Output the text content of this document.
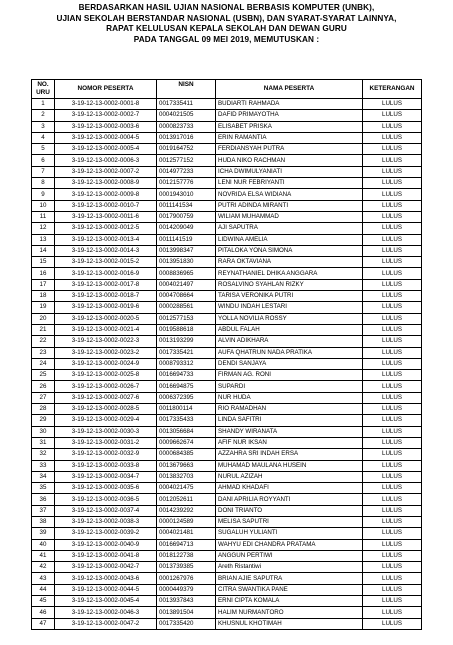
BERDASARKAN HASIL UJIAN NASIONAL BERBASIS KOMPUTER (UNBK),
UJIAN SEKOLAH BERSTANDAR NASIONAL (USBN), DAN SYARAT-SYARAT LAINNYA,
RAPAT KELULUSAN KEPALA SEKOLAH DAN DEWAN GURU
PADA TANGGAL 09 MEI 2019, MEMUTUSKAN :
NO. URU	NOMOR PESERTA	NISN	NAMA PESERTA	KETERANGAN
1	3-19-12-13-0002-0001-8	0017335411	BUDIARTI RAHMADA	LULUS
2	3-19-12-13-0002-0002-7	0004021505	DAFID PRIMAYOTHA	LULUS
3	3-19-12-13-0002-0003-6	0000823733	ELISABET PRISKA	LULUS
4	3-19-12-13-0002-0004-5	0013917016	ERIN RAMANTIA	LULUS
5	3-19-12-13-0002-0005-4	0019164752	FERDIANSYAH PUTRA	LULUS
6	3-19-12-13-0002-0006-3	0012577152	HUDA NIKO RACHMAN	LULUS
7	3-19-12-13-0002-0007-2	0014977233	ICHA DWIMULYANIATI	LULUS
8	3-19-12-13-0002-0008-9	0012157776	LENI NUR FEBRIYANTI	LULUS
9	3-19-12-13-0002-0009-8	0001943010	NOVRIDA ELSA WIDIANA	LULUS
10	3-19-12-13-0002-0010-7	0011141534	PUTRI ADINDA MIRANTI	LULUS
11	3-19-12-13-0002-0011-6	0017900759	WILIAM MUHAMMAD	LULUS
12	3-19-12-13-0002-0012-5	0014209049	AJI SAPUTRA	LULUS
13	3-19-12-13-0002-0013-4	0011141519	LIDWINA AMELIA	LULUS
14	3-19-12-13-0002-0014-3	0013998347	PITALOKA YONA SIMONA	LULUS
15	3-19-12-13-0002-0015-2	0013951830	RARA OKTAVIANA	LULUS
16	3-19-12-13-0002-0016-9	0008836965	REYNATHANIEL DHIKA ANGGARA	LULUS
17	3-19-12-13-0002-0017-8	0004021497	ROSALVINO SYAHLAN RIZKY	LULUS
18	3-19-12-13-0002-0018-7	0004708664	TARISA VERONIKA PUTRI	LULUS
19	3-19-12-13-0002-0019-6	0000288561	WINDU INDAH LESTARI	LULUS
20	3-19-12-13-0002-0020-5	0012577153	YOLLA NOVILIA ROSSY	LULUS
21	3-19-12-13-0002-0021-4	0019588618	ABDUL FALAH	LULUS
22	3-19-12-13-0002-0022-3	0013193299	ALVIN ADIKHARA	LULUS
23	3-19-12-13-0002-0023-2	0017335421	AUFA QHATRUN NADA PRATIKA	LULUS
24	3-19-12-13-0002-0024-9	0008793312	DENDI SANJAYA	LULUS
25	3-19-12-13-0002-0025-8	0016694733	FIRMAN AG. RONI	LULUS
26	3-19-12-13-0002-0026-7	0016694875	SUPARDI	LULUS
27	3-19-12-13-0002-0027-6	0006372395	NUR HUDA	LULUS
28	3-19-12-13-0002-0028-5	0011800114	RIO RAMADHAN	LULUS
29	3-19-12-13-0002-0029-4	0017335433	LINDA SAFITRI	LULUS
30	3-19-12-13-0002-0030-3	0013056684	SHANDY WIRANATA	LULUS
31	3-19-12-13-0002-0031-2	0009662674	AFIF NUR IKSAN	LULUS
32	3-19-12-13-0002-0032-9	0000684385	AZZAHRA SRI INDAH ERSA	LULUS
33	3-19-12-13-0002-0033-8	0013679663	MUHAMAD MAULANA HUSEIN	LULUS
34	3-19-12-13-0002-0034-7	0013832703	NURUL AZIZAH	LULUS
35	3-19-12-13-0002-0035-6	0004021475	AHMAD KHADAFI	LULUS
36	3-19-12-13-0002-0036-5	0012052611	DANI APRILIA ROYYANTI	LULUS
37	3-19-12-13-0002-0037-4	0014239292	DONI TRIANTO	LULUS
38	3-19-12-13-0002-0038-3	0000124589	MELISA SAPUTRI	LULUS
39	3-19-12-13-0002-0039-2	0004021481	SUGALUH YULIANTI	LULUS
40	3-19-12-13-0002-0040-9	0016694713	WAHYU EDI CHANDRA PRATAMA	LULUS
41	3-19-12-13-0002-0041-8	0018122738	ANGGUN PERTIWI	LULUS
42	3-19-12-13-0002-0042-7	0013739385	Areth Ristantiwi	LULUS
43	3-19-12-13-0002-0043-6	0001267976	BRIAN AJIE SAPUTRA	LULUS
44	3-19-12-13-0002-0044-5	0000449379	CITRA SWANTIKA PANE	LULUS
45	3-19-12-13-0002-0045-4	0013937843	ERNI CIPTA KOMALA	LULUS
46	3-19-12-13-0002-0046-3	0013891504	HALIM NURMANTORO	LULUS
47	3-19-12-13-0002-0047-2	0017335420	KHUSNUL KHOTIMAH	LULUS
